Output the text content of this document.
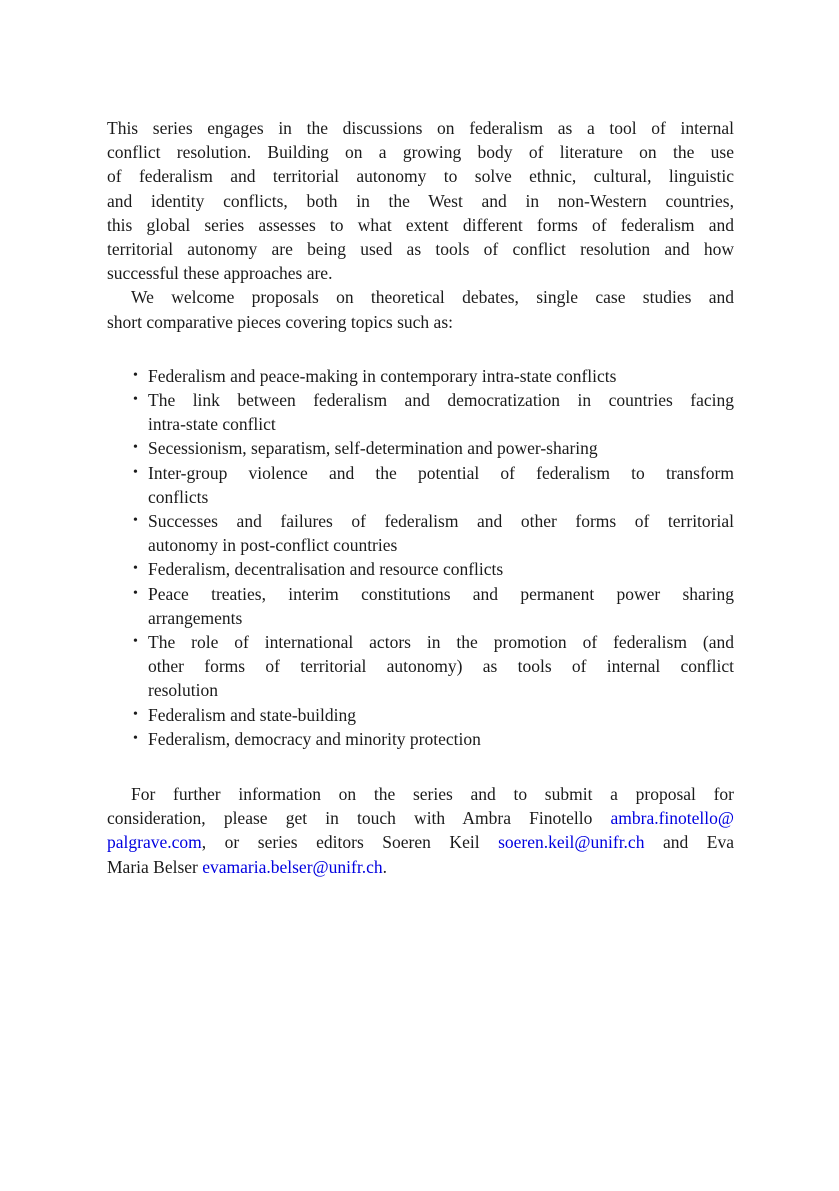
This series engages in the discussions on federalism as a tool of internal
conflict resolution. Building on a growing body of literature on the use
of federalism and territorial autonomy to solve ethnic, cultural, linguistic
and identity conflicts, both in the West and in non-Western countries,
this global series assesses to what extent different forms of federalism and
territorial autonomy are being used as tools of conflict resolution and how
successful these approaches are.
We welcome proposals on theoretical debates, single case studies and
short comparative pieces covering topics such as:
• Federalism and peace-making in contemporary intra-state conflicts
• The link between federalism and democratization in countries facing
intra-state conflict
• Secessionism, separatism, self-determination and power-sharing
• Inter-group violence and the potential of federalism to transform
conflicts
• Successes and failures of federalism and other forms of territorial
autonomy in post-conflict countries
• Federalism, decentralisation and resource conflicts
• Peace treaties, interim constitutions and permanent power sharing
arrangements
• The role of international actors in the promotion of federalism (and
other forms of territorial autonomy) as tools of internal conflict
resolution
• Federalism and state-building
• Federalism, democracy and minority protection
For further information on the series and to submit a proposal for
consideration, please get in touch with Ambra Finotello ambra.finotello@
palgrave.com, or series editors Soeren Keil soeren.keil@unifr.ch and Eva
Maria Belser evamaria.belser@unifr.ch.
